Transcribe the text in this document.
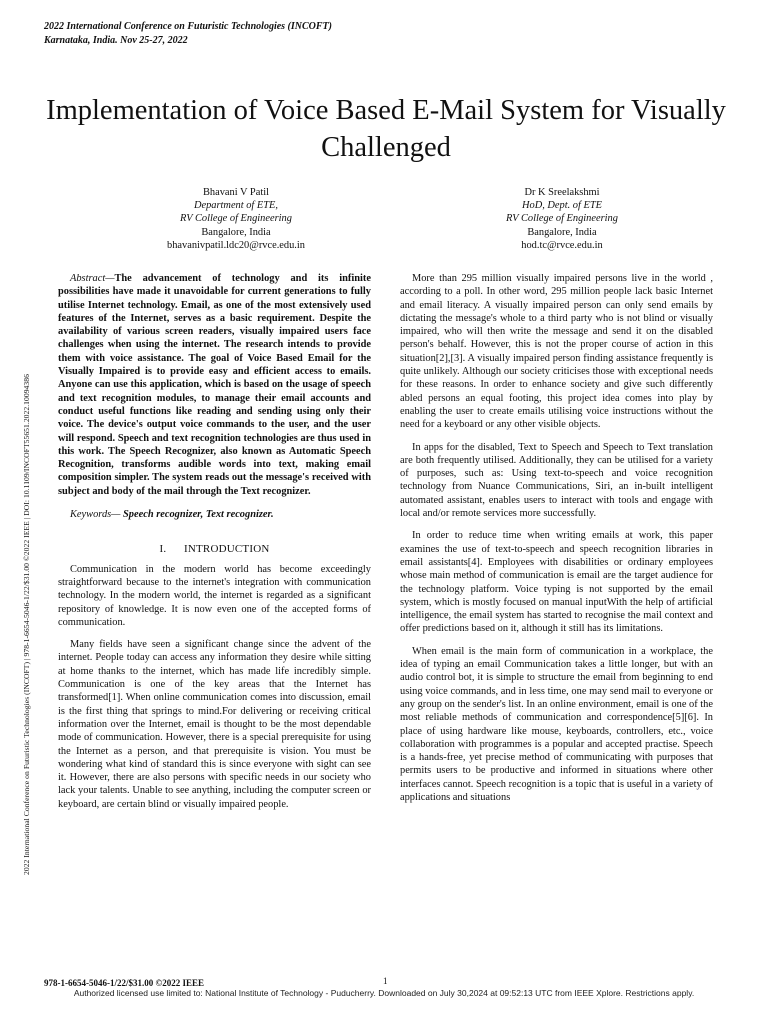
2022 International Conference on Futuristic Technologies (INCOFT)
Karnataka, India. Nov 25-27, 2022
2022 International Conference on Futuristic Technologies (INCOFT) | 978-1-6654-5046-1/22/$31.00 ©2022 IEEE | DOI: 10.1109/INCOFT55651.2022.10094386
Implementation of Voice Based E-Mail System for Visually Challenged
Bhavani V Patil
Department of ETE,
RV College of Engineering
Bangalore, India
bhavanivpatil.ldc20@rvce.edu.in
Dr K Sreelakshmi
HoD, Dept. of ETE
RV College of Engineering
Bangalore, India
hod.tc@rvce.edu.in

Abstract—The advancement of technology and its infinite possibilities have made it unavoidable for current generations to fully utilise Internet technology. Email, as one of the most extensively used features of the Internet, serves as a basic requirement. Despite the availability of various screen readers, visually impaired users face challenges when using the internet. The research intends to provide them with voice assistance. The goal of Voice Based Email for the Visually Impaired is to provide easy and efficient access to emails. Anyone can use this application, which is based on the usage of speech and text recognition modules, to manage their email accounts and conduct useful functions like reading and sending using only their voice. The device's output voice commands to the user, and the user will respond. Speech and text recognition technologies are thus used in this work. The Speech Recognizer, also known as Automatic Speech Recognition, transforms audible words into text, making email composition simpler. The system reads out the message's received with subject and body of the mail through the Text recognizer.

Keywords— Speech recognizer, Text recognizer.

I.      INTRODUCTION

Communication in the modern world has become exceedingly straightforward because to the internet's integration with communication technology. In the modern world, the internet is regarded as a significant repository of knowledge. It is now even one of the accepted forms of communication.

Many fields have seen a significant change since the advent of the internet. People today can access any information they desire while sitting at home thanks to the internet, which has made life incredibly simple. Communication is one of the key areas that the Internet has transformed[1]. When online communication comes into discussion, email is the first thing that springs to mind.For delivering or receiving critical information over the Internet, email is thought to be the most dependable mode of communication. However, there is a special prerequisite for using the Internet as a person, and that prerequisite is vision. You must be wondering what kind of standard this is since everyone with sight can see it. However, there are also persons with specific needs in our society who lack your talents. Unable to see anything, including the computer screen or keyboard, are certain blind or visually impaired people.

More than 295 million visually impaired persons live in the world , according to a poll. In other word, 295 million people lack basic Internet and email literacy. A visually impaired person can only send emails by dictating the message's whole to a third party who is not blind or visually impaired, who will then write the message and send it on the disabled person's behalf. However, this is not the proper course of action in this situation[2],[3]. A visually impaired person finding assistance frequently is quite unlikely. Although our society criticises those with exceptional needs for these reasons. In order to enhance society and give such differently abled persons an equal footing, this project idea comes into play by enabling the user to create emails utilising voice instructions without the need for a keyboard or any other visible objects.

In apps for the disabled, Text to Speech and Speech to Text translation are both frequently utilised. Additionally, they can be utilised for a variety of purposes, such as: Using text-to-speech and voice recognition technology from Nuance Communications, Siri, an in-built intelligent automated assistant, enables users to interact with tools and engage with local and/or remote services more successfully.

In order to reduce time when writing emails at work, this paper examines the use of text-to-speech and speech recognition libraries in email assistants[4]. Employees with disabilities or ordinary employees whose main method of communication is email are the target audience for the technology platform. Voice typing is not supported by the email system, which is mostly focused on manual inputWith the help of artificial intelligence, the email system has started to recognise the mail context and offer predictions based on it, although it still has its limitations.

When email is the main form of communication in a workplace, the idea of typing an email Communication takes a little longer, but with an audio control bot, it is simple to structure the email from beginning to end using voice commands, and in less time, one may send mail to everyone or any group on the sender's list. In an online environment, email is one of the most reliable methods of communication and correspondence[5][6]. In place of using hardware like mouse, keyboards, controllers, etc., voice collaboration with programmes is a popular and accepted practise. Speech is a hands-free, yet precise method of communicating with purposes that permits users to be productive and informed in situations where other interfaces cannot. Speech recognition is a topic that is useful in a variety of applications and situations

978-1-6654-5046-1/22/$31.00 ©2022 IEEE	1
Authorized licensed use limited to: National Institute of Technology - Puducherry. Downloaded on July 30,2024 at 09:52:13 UTC from IEEE Xplore. Restrictions apply.
